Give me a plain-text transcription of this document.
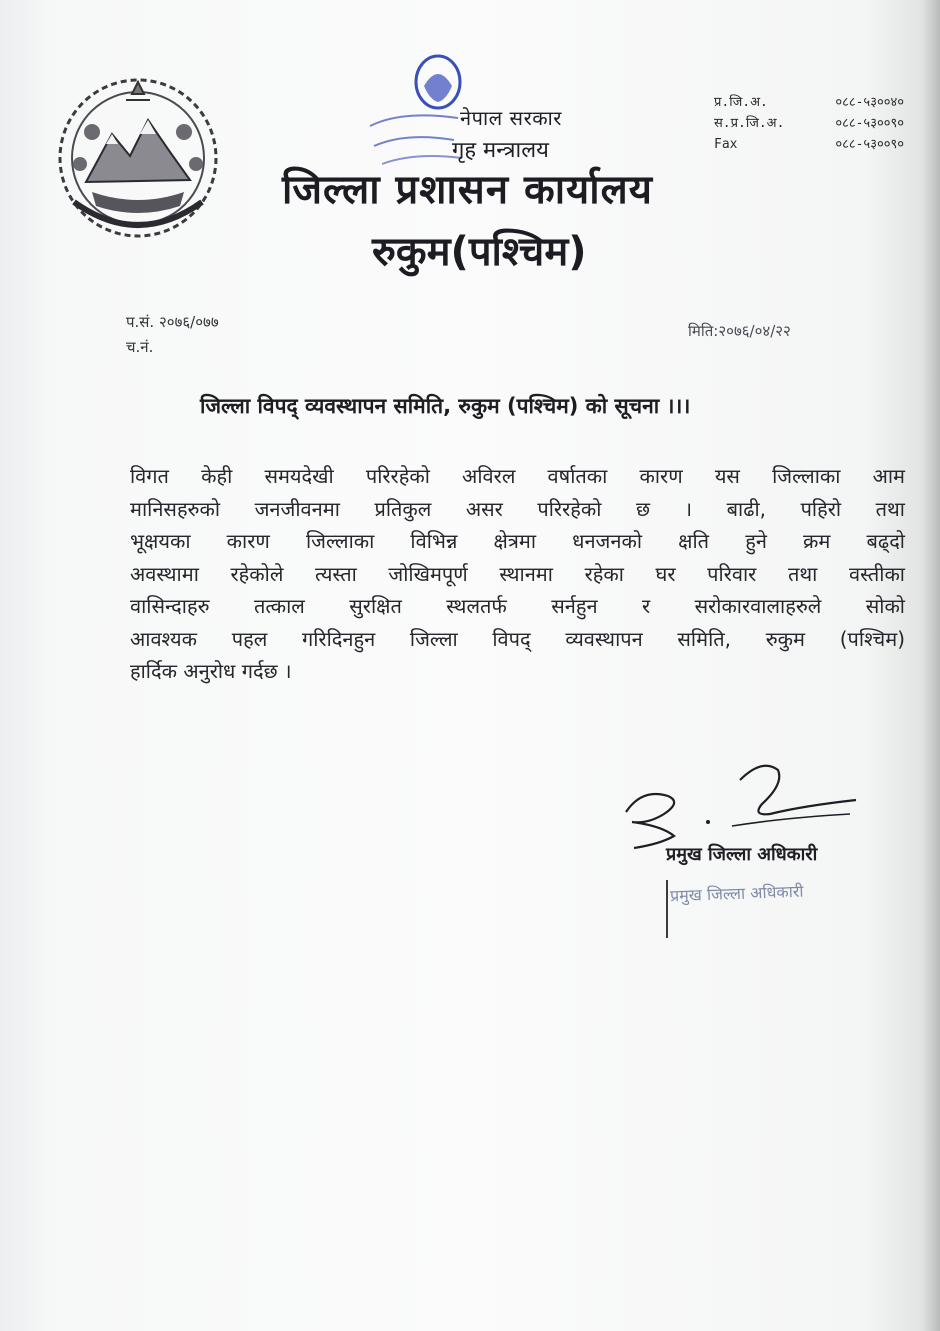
नेपाल सरकार
गृह मन्त्रालय
जिल्ला प्रशासन कार्यालय
रुकुम(पश्चिम)
प्र.जि.अ.	०८८-५३००४०
स.प्र.जि.अ.	०८८-५३००९०
Fax	०८८-५३००९०
प.सं. २०७६/०७७
च.नं.
मिति:२०७६/०४/२२
जिल्ला विपद् व्यवस्थापन समिति, रुकुम (पश्चिम) को सूचना ।।।
विगत केही समयदेखी परिरहेको अविरल वर्षातका कारण यस जिल्लाका आम
मानिसहरुको जनजीवनमा प्रतिकुल असर परिरहेको छ । बाढी, पहिरो तथा
भूक्षयका कारण जिल्लाका विभिन्न क्षेत्रमा धनजनको क्षति हुने क्रम बढ्दो
अवस्थामा रहेकोले त्यस्ता जोखिमपूर्ण स्थानमा रहेका घर परिवार तथा वस्तीका
वासिन्दाहरु तत्काल सुरक्षित स्थलतर्फ सर्नहुन र सरोकारवालाहरुले सोको
आवश्यक पहल गरिदिनहुन जिल्ला विपद् व्यवस्थापन समिति, रुकुम (पश्चिम)
हार्दिक अनुरोध गर्दछ ।
प्रमुख जिल्ला अधिकारी
प्रमुख जिल्ला अधिकारी
